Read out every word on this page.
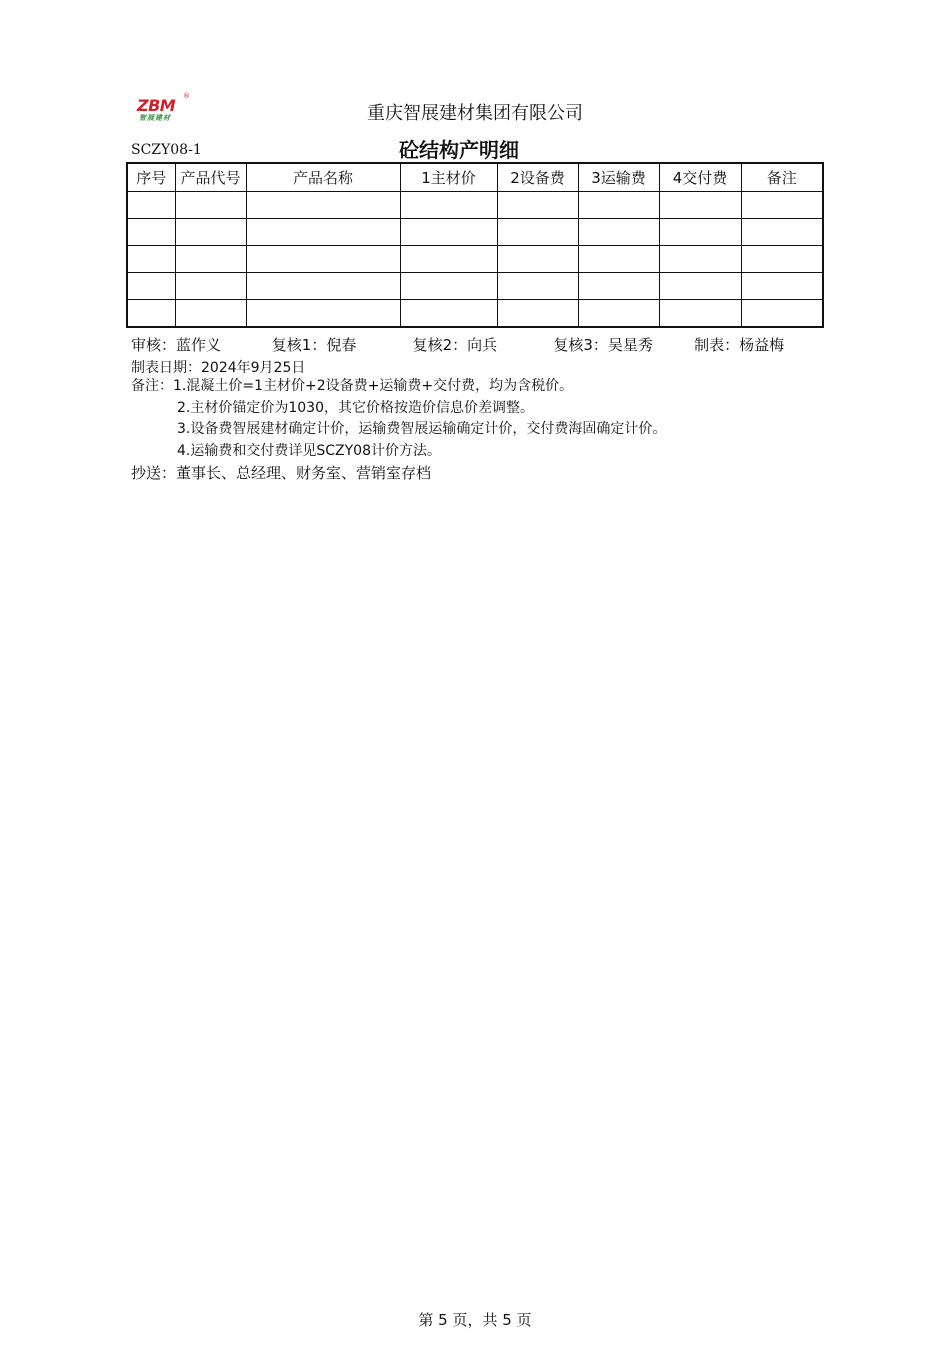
ZBM ®
智展建材	重庆智展建材集团有限公司
SCZY08-1	砼结构产明细
序号	产品代号	产品名称	1主材价	2设备费	3运输费	4交付费	备注

审核：蓝作义	复核1：倪春	复核2：向兵	复核3：吴星秀	制表：杨益梅
制表日期：2024年9月25日
备注：1.混凝土价=1主材价+2设备费+运输费+交付费，均为含税价。
2.主材价锚定价为1030，其它价格按造价信息价差调整。
3.设备费智展建材确定计价，运输费智展运输确定计价，交付费海固确定计价。
4.运输费和交付费详见SCZY08计价方法。
抄送：董事长、总经理、财务室、营销室存档
第 5 页，共 5 页
